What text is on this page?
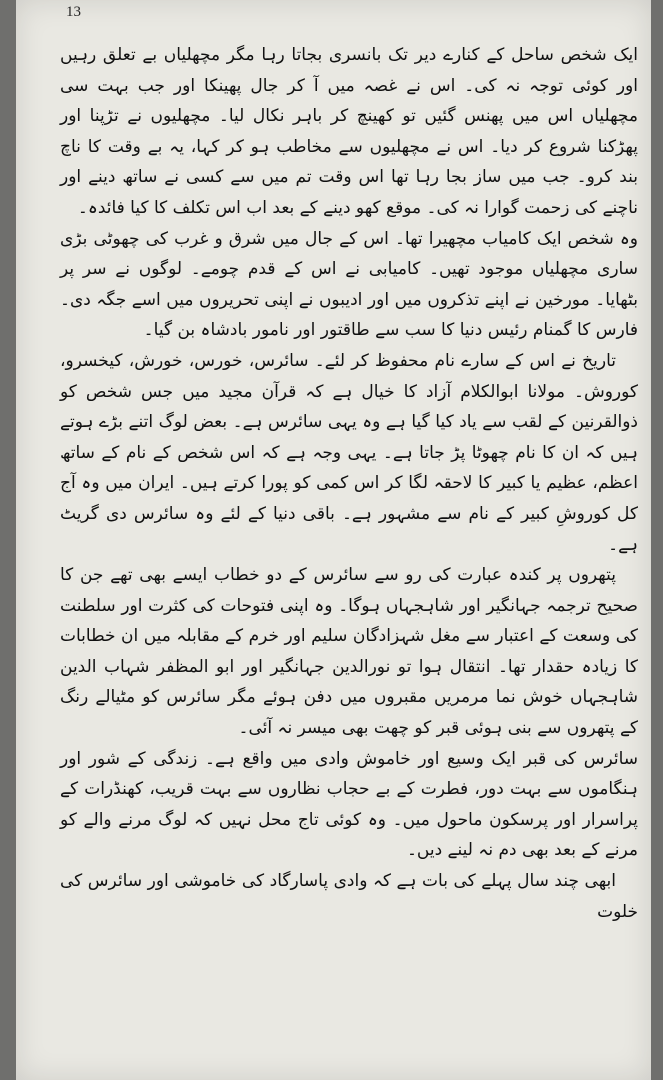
13

ایک شخص ساحل کے کنارے دیر تک بانسری بجاتا رہا مگر مچھلیاں بے تعلق رہیں اور کوئی توجہ نہ کی۔ اس نے غصہ میں آ کر جال پھینکا اور جب بہت سی مچھلیاں اس میں پھنس گئیں تو کھینچ کر باہر نکال لیا۔ مچھلیوں نے تڑپنا اور پھڑکنا شروع کر دیا۔ اس نے مچھلیوں سے مخاطب ہو کر کہا، یہ بے وقت کا ناچ بند کرو۔ جب میں ساز بجا رہا تھا اس وقت تم میں سے کسی نے ساتھ دینے اور ناچنے کی زحمت گوارا نہ کی۔ موقع کھو دینے کے بعد اب اس تکلف کا کیا فائدہ۔

وہ شخص ایک کامیاب مچھیرا تھا۔ اس کے جال میں شرق و غرب کی چھوٹی بڑی ساری مچھلیاں موجود تھیں۔ کامیابی نے اس کے قدم چومے۔ لوگوں نے سر پر بٹھایا۔ مورخین نے اپنے تذکروں میں اور ادیبوں نے اپنی تحریروں میں اسے جگہ دی۔ فارس کا گمنام رئیس دنیا کا سب سے طاقتور اور نامور بادشاہ بن گیا۔

تاریخ نے اس کے سارے نام محفوظ کر لئے۔ سائرس، خورس، خورش، کیخسرو، کوروش۔ مولانا ابوالکلام آزاد کا خیال ہے کہ قرآن مجید میں جس شخص کو ذوالقرنین کے لقب سے یاد کیا گیا ہے وہ یہی سائرس ہے۔ بعض لوگ اتنے بڑے ہوتے ہیں کہ ان کا نام چھوٹا پڑ جاتا ہے۔ یہی وجہ ہے کہ اس شخص کے نام کے ساتھ اعظم، عظیم یا کبیر کا لاحقہ لگا کر اس کمی کو پورا کرتے ہیں۔ ایران میں وہ آج کل کوروشِ کبیر کے نام سے مشہور ہے۔ باقی دنیا کے لئے وہ سائرس دی گریٹ ہے۔

پتھروں پر کندہ عبارت کی رو سے سائرس کے دو خطاب ایسے بھی تھے جن کا صحیح ترجمہ جہانگیر اور شاہجہاں ہوگا۔ وہ اپنی فتوحات کی کثرت اور سلطنت کی وسعت کے اعتبار سے مغل شہزادگان سلیم اور خرم کے مقابلہ میں ان خطابات کا زیادہ حقدار تھا۔ انتقال ہوا تو نورالدین جہانگیر اور ابو المظفر شہاب الدین شاہجہاں خوش نما مرمریں مقبروں میں دفن ہوئے مگر سائرس کو مٹیالے رنگ کے پتھروں سے بنی ہوئی قبر کو چھت بھی میسر نہ آئی۔

سائرس کی قبر ایک وسیع اور خاموش وادی میں واقع ہے۔ زندگی کے شور اور ہنگاموں سے بہت دور، فطرت کے بے حجاب نظاروں سے بہت قریب، کھنڈرات کے پراسرار اور پرسکون ماحول میں۔ وہ کوئی تاج محل نہیں کہ لوگ مرنے والے کو مرنے کے بعد بھی دم نہ لینے دیں۔

ابھی چند سال پہلے کی بات ہے کہ وادی پاسارگاد کی خاموشی اور سائرس کی خلوت
